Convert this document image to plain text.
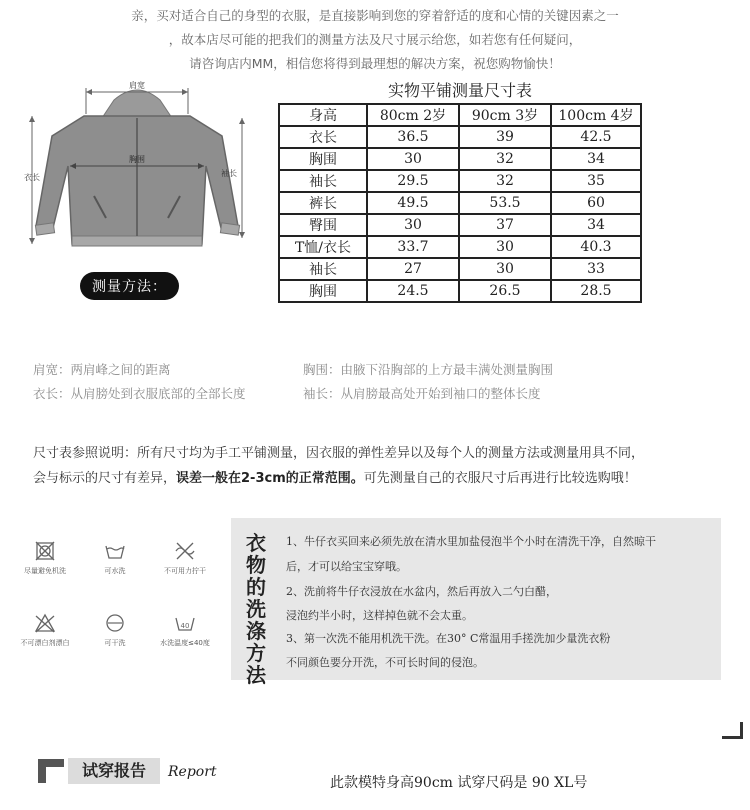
亲，买对适合自己的身型的衣服，是直接影响到您的穿着舒适的度和心情的关键因素之一
，故本店尽可能的把我们的测量方法及尺寸展示给您，如若您有任何疑问，
请咨询店内MM，相信您将得到最理想的解决方案，祝您购物愉快！
肩宽
胸围
衣长	袖长
测量方法：
实物平铺测量尺寸表
身高	80cm 2岁	90cm 3岁	100cm 4岁
衣长	36.5	39	42.5
胸围	30	32	34
袖长	29.5	32	35
裤长	49.5	53.5	60
臀围	30	37	34
T恤/衣长	33.7	30	40.3
袖长	27	30	33
胸围	24.5	26.5	28.5
肩宽：两肩峰之间的距离
衣长：从肩膀处到衣服底部的全部长度
胸围：由腋下沿胸部的上方最丰满处测量胸围
袖长：从肩膀最高处开始到袖口的整体长度
尺寸表参照说明：所有尺寸均为手工平铺测量，因衣服的弹性差异以及每个人的测量方法或测量用具不同，
会与标示的尺寸有差异，误差一般在2-3cm的正常范围。可先测量自己的衣服尺寸后再进行比较选购哦！
尽量避免机洗	可水洗	不可用力拧干
不可漂白剂漂白	可干洗
40
水洗温度≤40度
衣物的洗涤方法
1、牛仔衣买回来必须先放在清水里加盐侵泡半个小时在清洗干净，自然晾干
后，才可以给宝宝穿哦。
2、洗前将牛仔衣浸放在水盆内，然后再放入二勺白醋，
浸泡约半小时，这样掉色就不会太重。
3、第一次洗不能用机洗干洗。在30° C常温用手搓洗加少量洗衣粉
不同颜色要分开洗，不可长时间的侵泡。
试穿报告	Report
此款模特身高90cm 试穿尺码是 90 XL号
